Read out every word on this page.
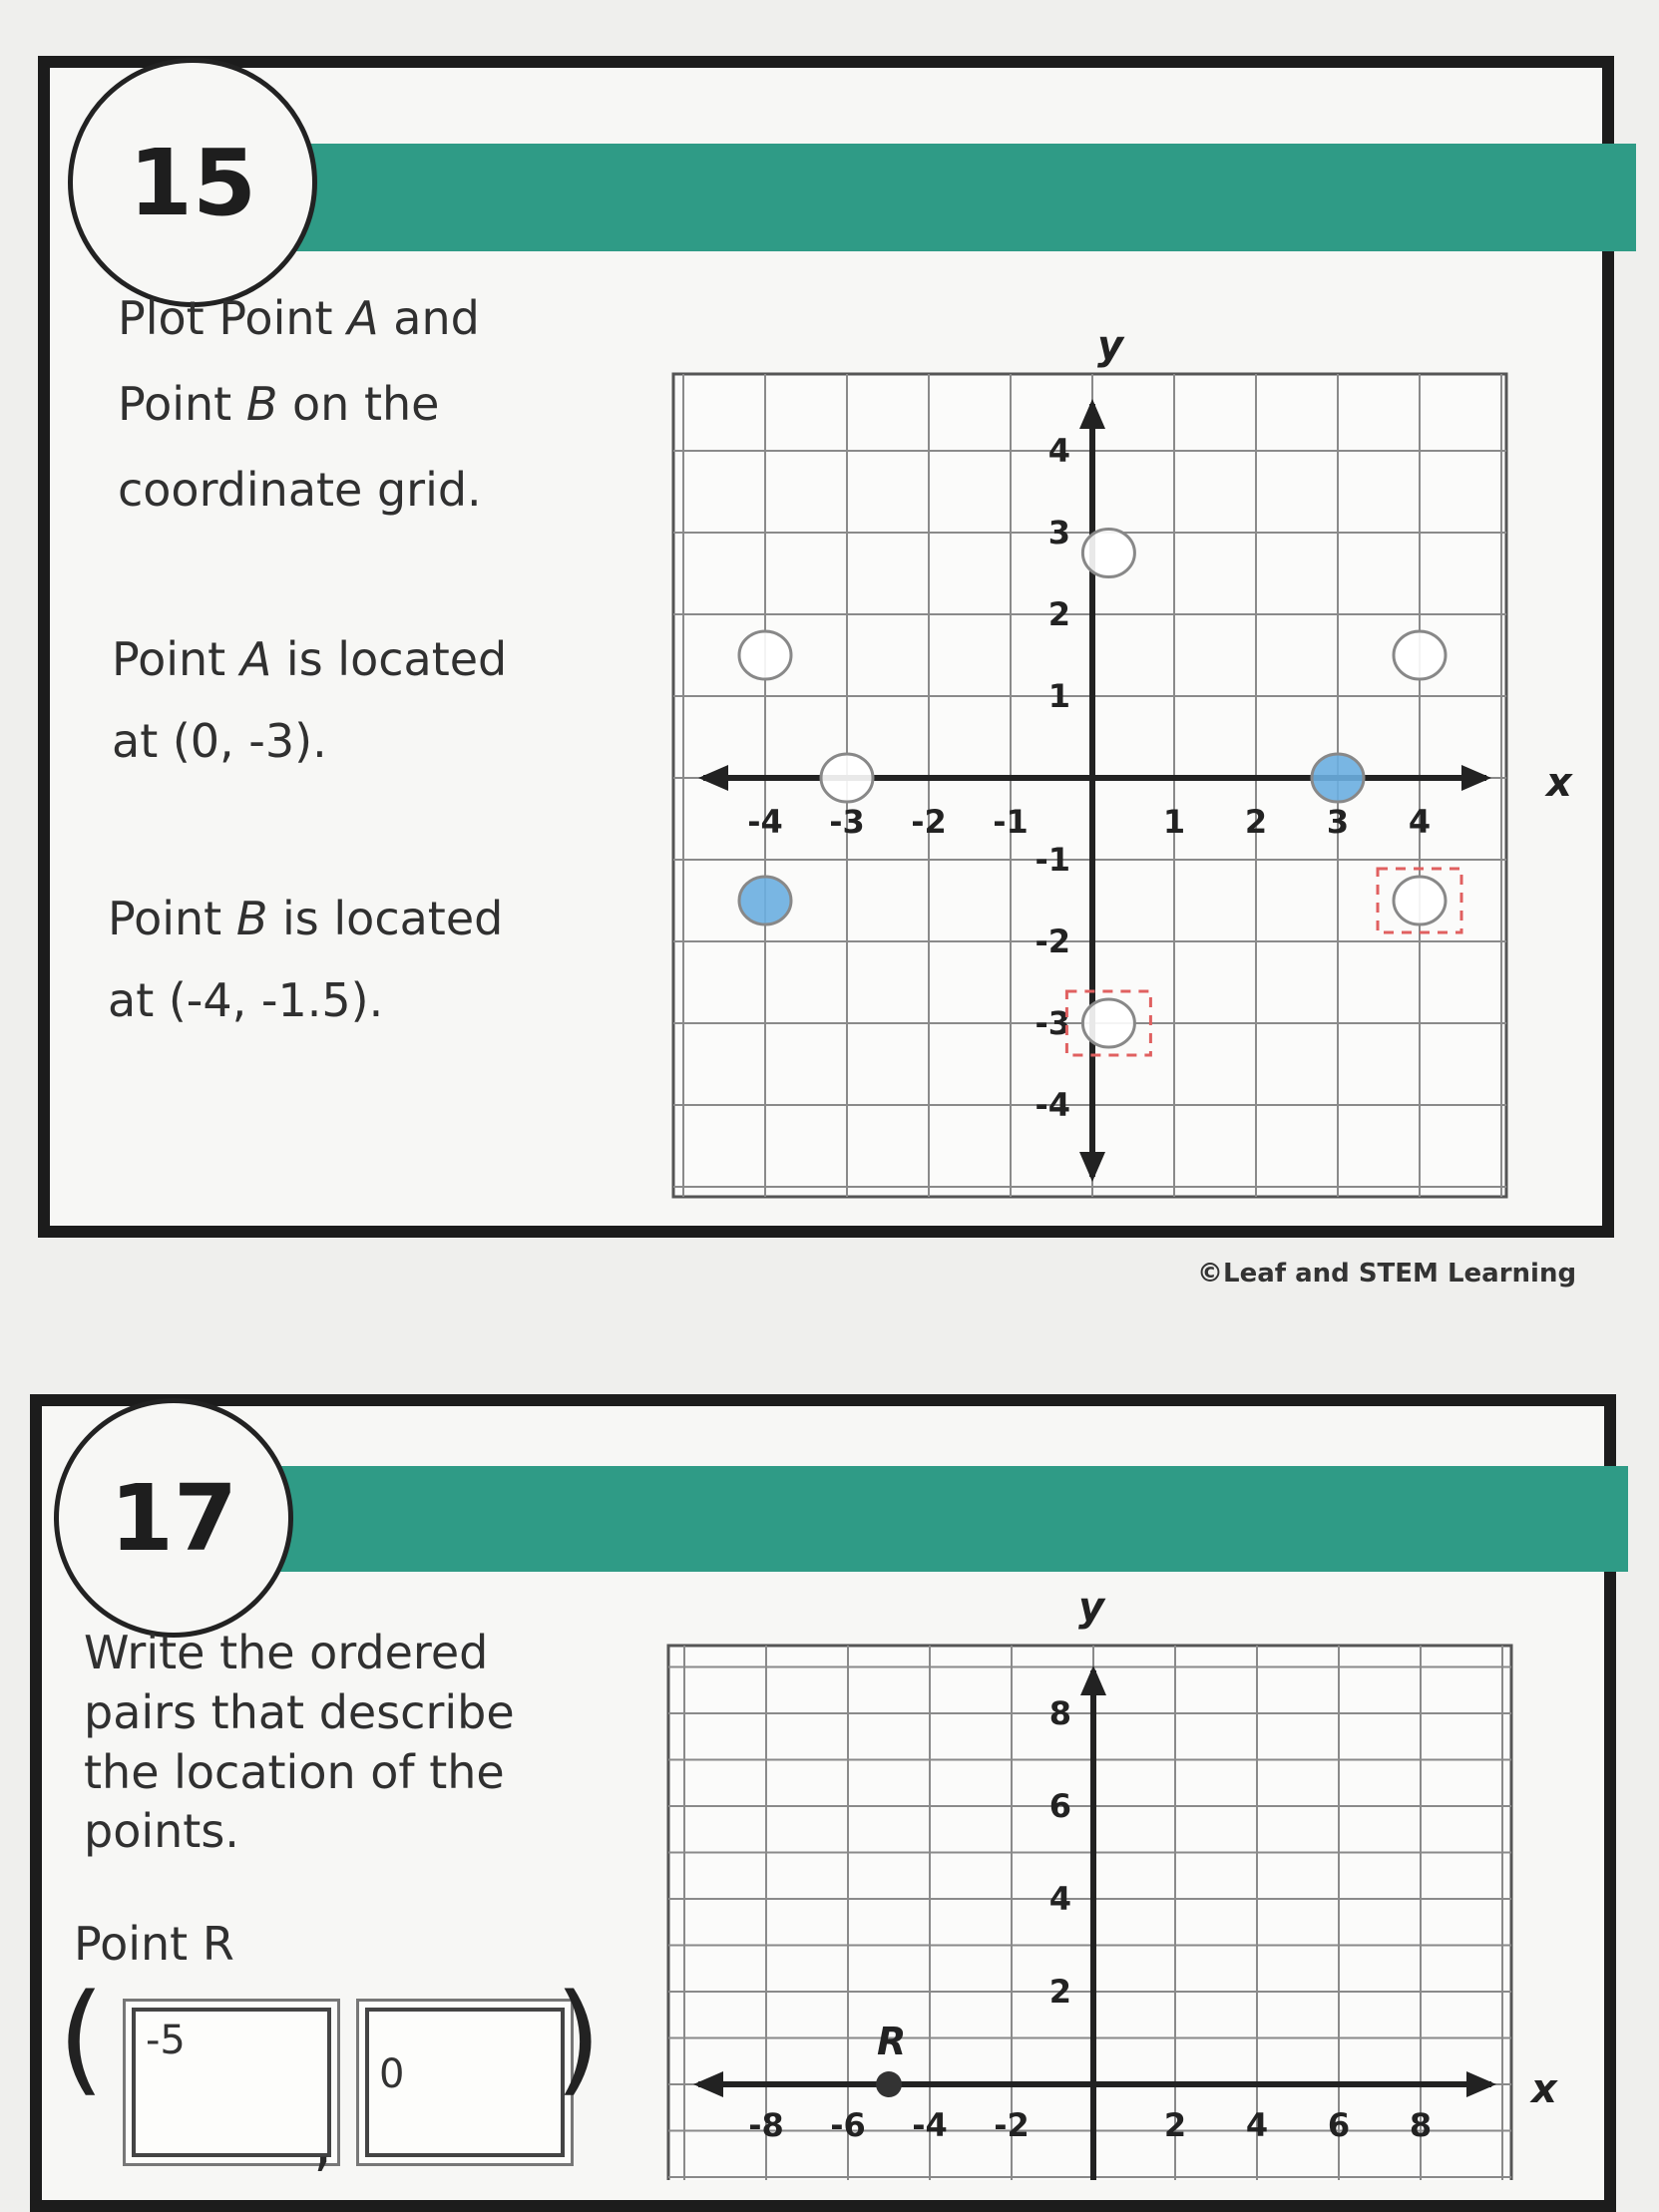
15
Plot Point A and
Point B on the
coordinate grid.
Point A is located
at (0, -3).
Point B is located
at (-4, -1.5).
x
y
-4 -3 -2 -1	1 2 3 4
4
3
2
1
-1
-2
-3
-4
©Leaf and STEM Learning
17
Write the ordered
pairs that describe
the location of the
points.
Point R
(	-5
,
0	)	x
y
-8 -6 -4 -2	2 4 6 8
8
6
4
2
R
